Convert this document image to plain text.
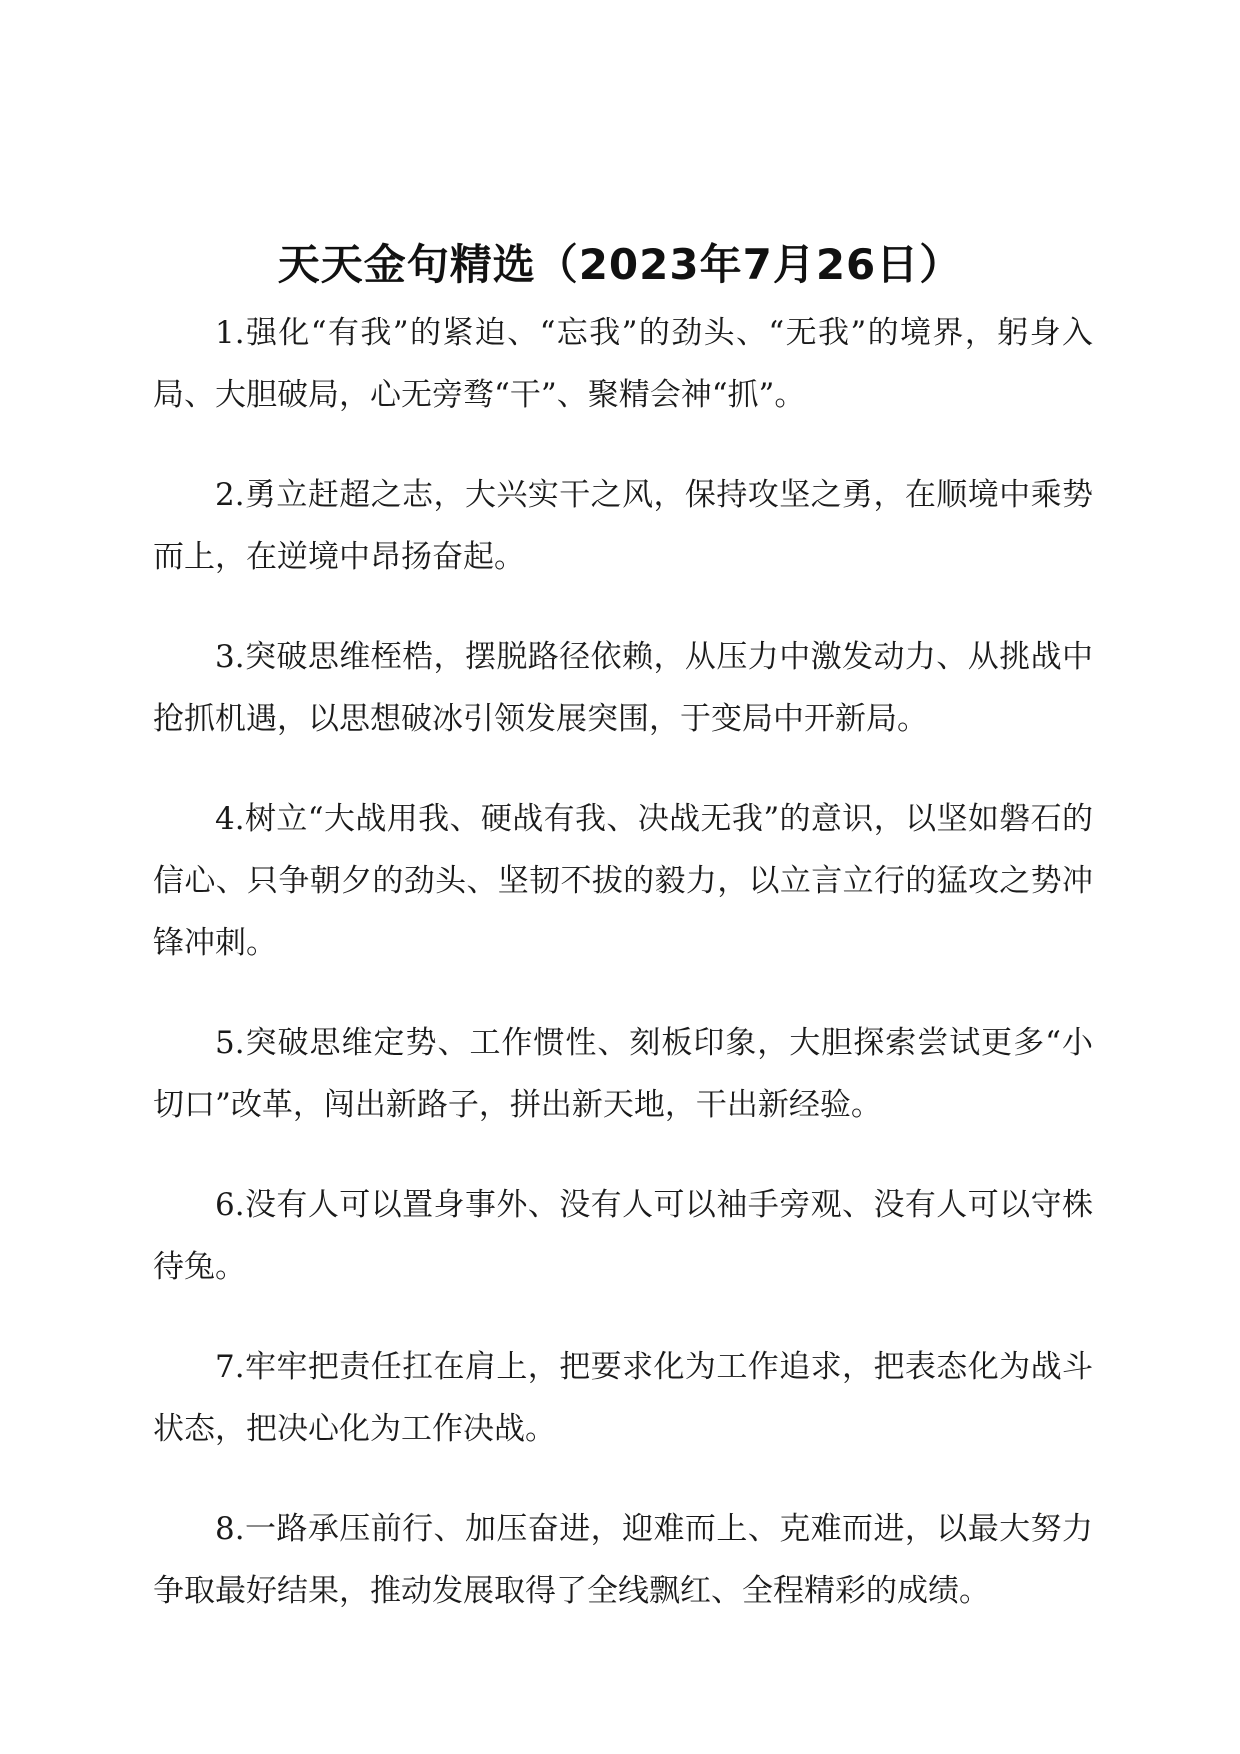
天天金句精选（2023年7月26日）

1.强化“有我”的紧迫、“忘我”的劲头、“无我”的境界，躬身入局、大胆破局，心无旁骛“干”、聚精会神“抓”。

2.勇立赶超之志，大兴实干之风，保持攻坚之勇，在顺境中乘势而上，在逆境中昂扬奋起。

3.突破思维桎梏，摆脱路径依赖，从压力中激发动力、从挑战中抢抓机遇，以思想破冰引领发展突围，于变局中开新局。

4.树立“大战用我、硬战有我、决战无我”的意识，以坚如磐石的信心、只争朝夕的劲头、坚韧不拔的毅力，以立言立行的猛攻之势冲锋冲刺。

5.突破思维定势、工作惯性、刻板印象，大胆探索尝试更多“小切口”改革，闯出新路子，拼出新天地，干出新经验。

6.没有人可以置身事外、没有人可以袖手旁观、没有人可以守株待兔。

7.牢牢把责任扛在肩上，把要求化为工作追求，把表态化为战斗状态，把决心化为工作决战。

8.一路承压前行、加压奋进，迎难而上、克难而进，以最大努力争取最好结果，推动发展取得了全线飘红、全程精彩的成绩。
